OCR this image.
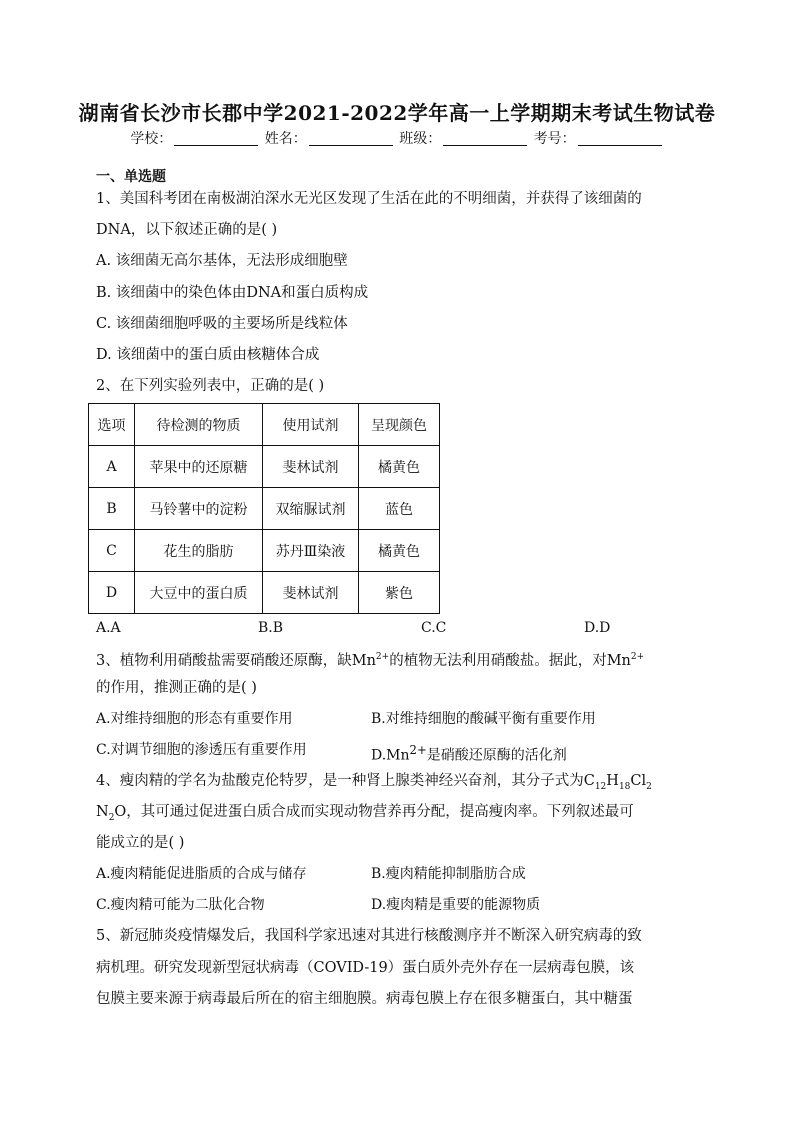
湖南省长沙市长郡中学2021-2022学年高一上学期期末考试生物试卷
学校：	姓名：	班级：	考号：
一、单选题
1、美国科考团在南极湖泊深水无光区发现了生活在此的不明细菌，并获得了该细菌的
DNA，以下叙述正确的是( )
A. 该细菌无高尔基体，无法形成细胞壁
B. 该细菌中的染色体由DNA和蛋白质构成
C. 该细菌细胞呼吸的主要场所是线粒体
D. 该细菌中的蛋白质由核糖体合成
2、在下列实验列表中，正确的是( )
选项	待检测的物质	使用试剂	呈现颜色
A	苹果中的还原糖	斐林试剂	橘黄色
B	马铃薯中的淀粉	双缩脲试剂	蓝色
C	花生的脂肪	苏丹Ⅲ染液	橘黄色
D	大豆中的蛋白质	斐林试剂	紫色
A.A	B.B	C.C	D.D
3、植物利用硝酸盐需要硝酸还原酶，缺$Mn^{2+}$的植物无法利用硝酸盐。据此，对$Mn^{2+}$
的作用，推测正确的是( )
A.对维持细胞的形态有重要作用	B.对维持细胞的酸碱平衡有重要作用
C.对调节细胞的渗透压有重要作用	$D.Mn^{2+}$是硝酸还原酶的活化剂
4、瘦肉精的学名为盐酸克伦特罗，是一种肾上腺类神经兴奋剂，其分子式为$C_{12}H_{18}Cl_2$
$N_2O$，其可通过促进蛋白质合成而实现动物营养再分配，提高瘦肉率。下列叙述最可
能成立的是( )
A.瘦肉精能促进脂质的合成与储存	B.瘦肉精能抑制脂肪合成
C.瘦肉精可能为二肽化合物	D.瘦肉精是重要的能源物质
5、新冠肺炎疫情爆发后，我国科学家迅速对其进行核酸测序并不断深入研究病毒的致
病机理。研究发现新型冠状病毒（COVID-19）蛋白质外壳外存在一层病毒包膜，该
包膜主要来源于病毒最后所在的宿主细胞膜。病毒包膜上存在很多糖蛋白，其中糖蛋
